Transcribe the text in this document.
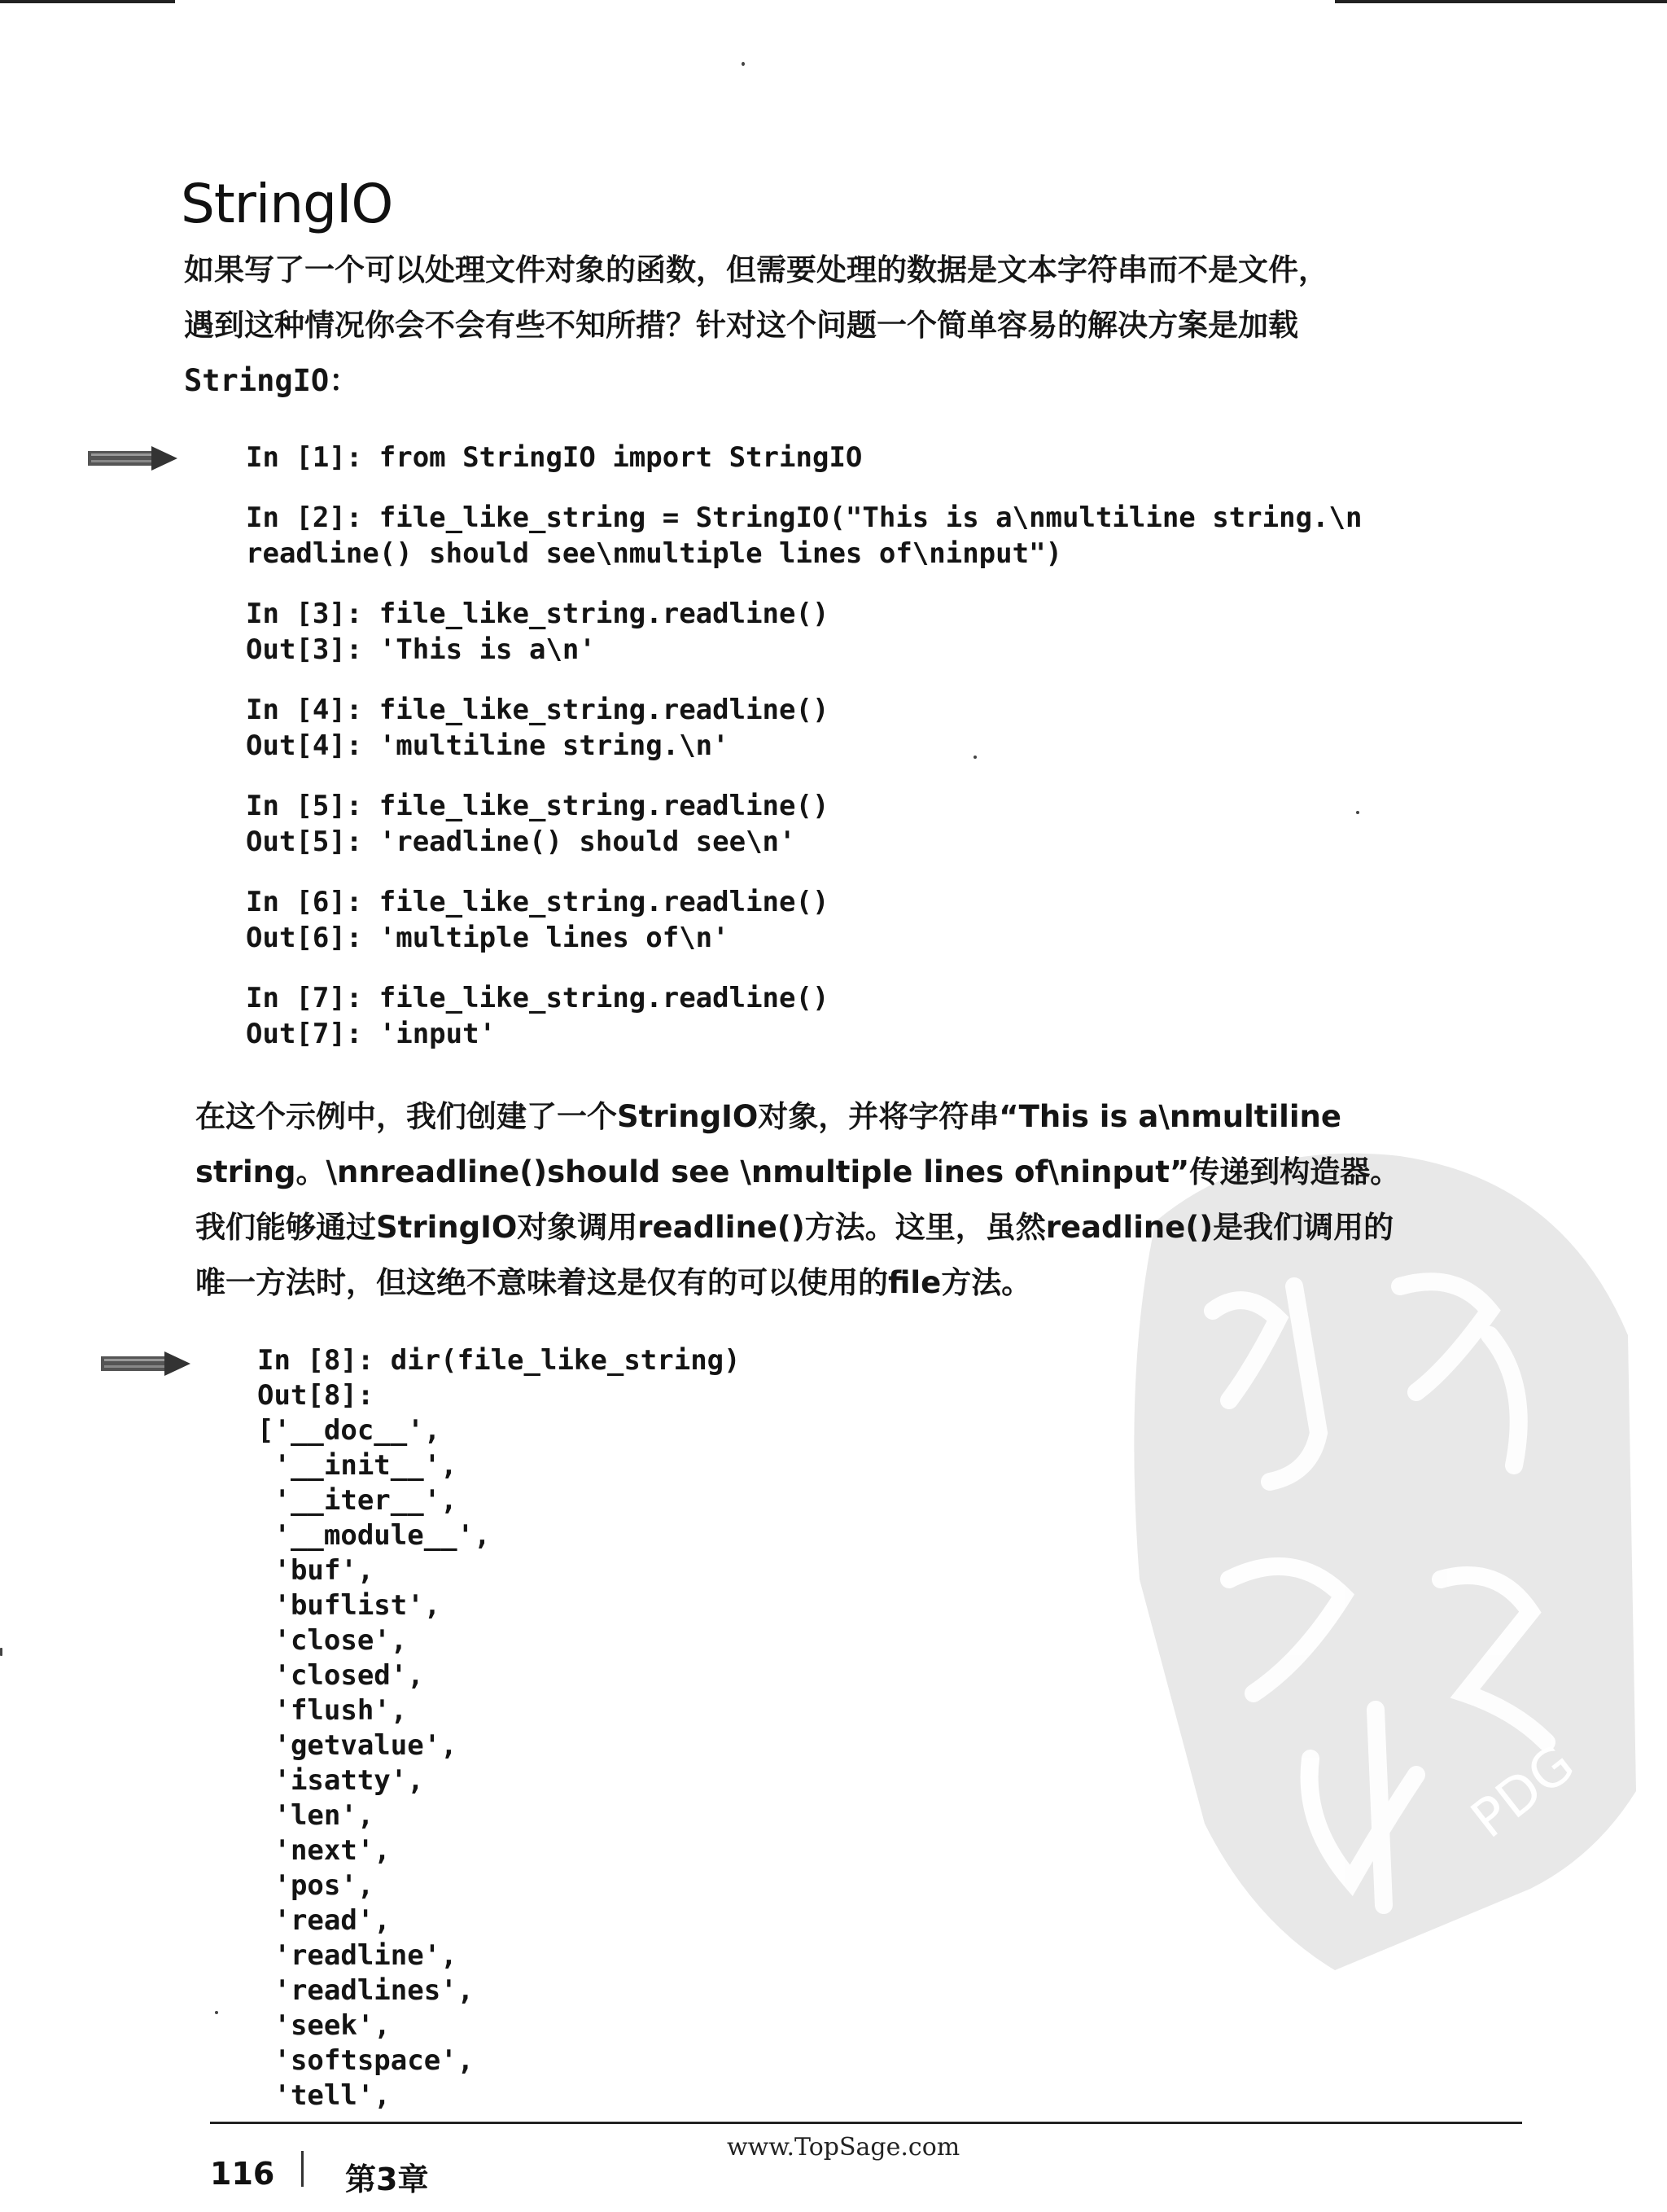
PDG
StringIO
如果写了一个可以处理文件对象的函数，但需要处理的数据是文本字符串而不是文件，
遇到这种情况你会不会有些不知所措？针对这个问题一个简单容易的解决方案是加载
StringIO：
In [1]: from StringIO import StringIO
In [2]: file_like_string = StringIO("This is a\nmultiline string.\n
readline() should see\nmultiple lines of\ninput")
In [3]: file_like_string.readline()
Out[3]: 'This is a\n'
In [4]: file_like_string.readline()
Out[4]: 'multiline string.\n'
In [5]: file_like_string.readline()
Out[5]: 'readline() should see\n'
In [6]: file_like_string.readline()
Out[6]: 'multiple lines of\n'
In [7]: file_like_string.readline()
Out[7]: 'input'
在这个示例中，我们创建了一个StringIO对象，并将字符串“This is a\nmultiline
string。\nnreadline()should see \nmultiple lines of\ninput”传递到构造器。
我们能够通过StringIO对象调用readline()方法。这里，虽然readline()是我们调用的
唯一方法时，但这绝不意味着这是仅有的可以使用的file方法。
In [8]: dir(file_like_string)
Out[8]:
['__doc__',
'__init__',
'__iter__',
'__module__',
'buf',
'buflist',
'close',
'closed',
'flush',
'getvalue',
'isatty',
'len',
'next',
'pos',
'read',
'readline',
'readlines',
'seek',
'softspace',
'tell',
116 第3章
www.TopSage.com
